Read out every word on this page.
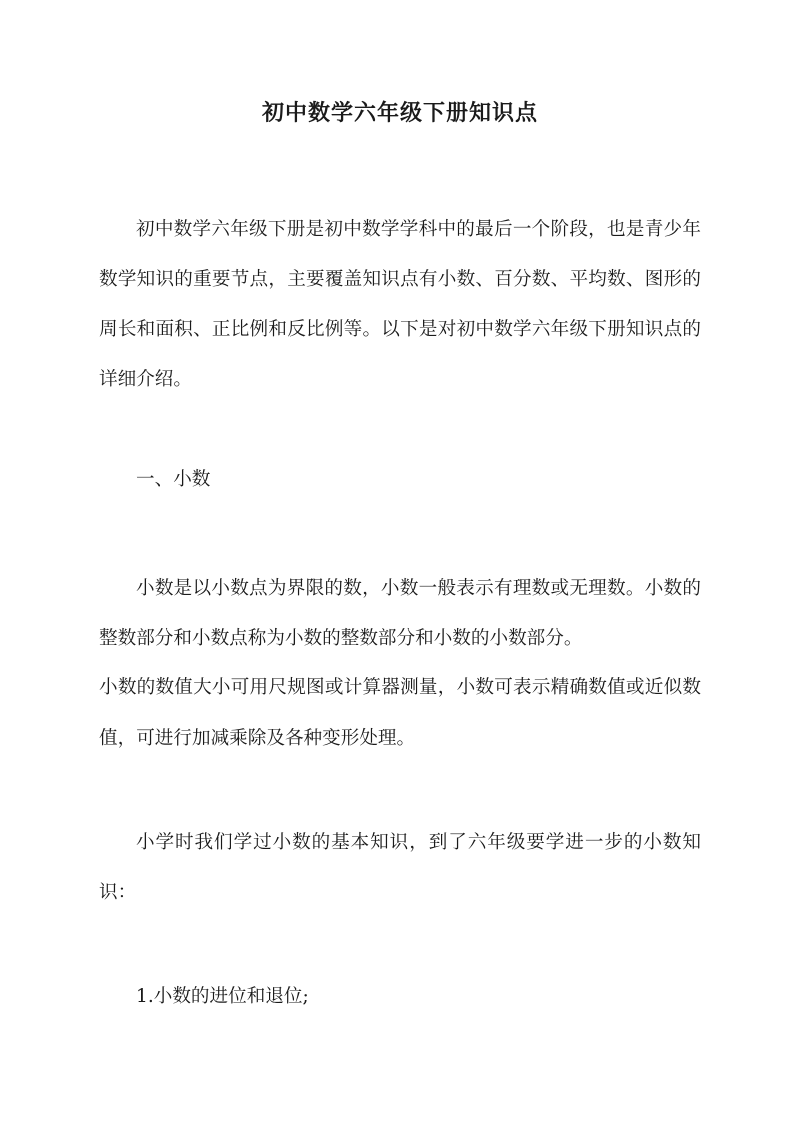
初中数学六年级下册知识点

初中数学六年级下册是初中数学学科中的最后一个阶段，也是青少年数学知识的重要节点，主要覆盖知识点有小数、百分数、平均数、图形的周长和面积、正比例和反比例等。以下是对初中数学六年级下册知识点的详细介绍。

一、小数

小数是以小数点为界限的数，小数一般表示有理数或无理数。小数的整数部分和小数点称为小数的整数部分和小数的小数部分。

小数的数值大小可用尺规图或计算器测量，小数可表示精确数值或近似数值，可进行加减乘除及各种变形处理。

小学时我们学过小数的基本知识，到了六年级要学进一步的小数知识：

1.小数的进位和退位;
